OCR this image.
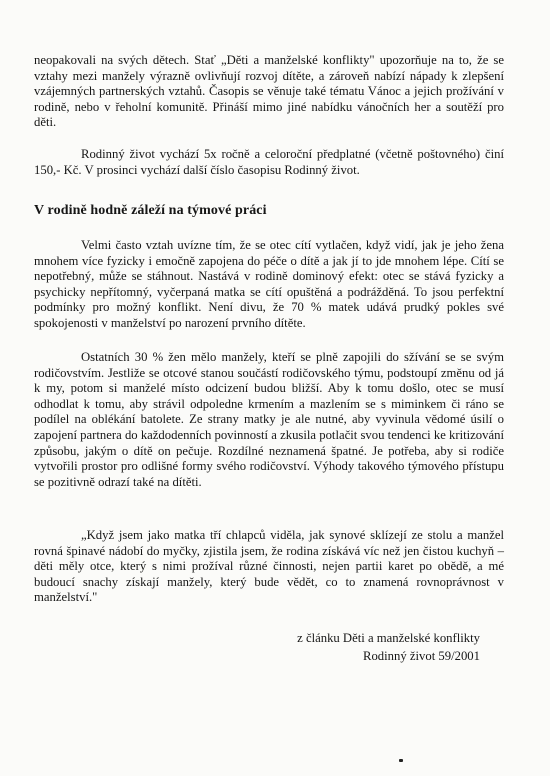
neopakovali na svých dětech. Stať „Děti a manželské konflikty" upozorňuje na to, že se vztahy mezi manžely výrazně ovlivňují rozvoj dítěte, a zároveň nabízí nápady k zlepšení vzájemných partnerských vztahů. Časopis se věnuje také tématu Vánoc a jejich prožívání v rodině, nebo v řeholní komunitě. Přináší mimo jiné nabídku vánočních her a soutěží pro děti.

Rodinný život vychází 5x ročně a celoroční předplatné (včetně poštovného) činí 150,- Kč. V prosinci vychází další číslo časopisu Rodinný život.

V rodině hodně záleží na týmové práci

Velmi často vztah uvízne tím, že se otec cítí vytlačen, když vidí, jak je jeho žena mnohem více fyzicky i emočně zapojena do péče o dítě a jak jí to jde mnohem lépe. Cítí se nepotřebný, může se stáhnout. Nastává v rodině dominový efekt: otec se stává fyzicky a psychicky nepřítomný, vyčerpaná matka se cítí opuštěná a podrážděná. To jsou perfektní podmínky pro možný konflikt. Není divu, že 70 % matek udává prudký pokles své spokojenosti v manželství po narození prvního dítěte.

Ostatních 30 % žen mělo manžely, kteří se plně zapojili do sžívání se se svým rodičovstvím. Jestliže se otcové stanou součástí rodičovského týmu, podstoupí změnu od já k my, potom si manželé místo odcizení budou bližší. Aby k tomu došlo, otec se musí odhodlat k tomu, aby strávil odpoledne krmením a mazlením se s miminkem či ráno se podílel na oblékání batolete. Ze strany matky je ale nutné, aby vyvinula vědomé úsilí o zapojení partnera do každodenních povinností a zkusila potlačit svou tendenci ke kritizování způsobu, jakým o dítě on pečuje. Rozdílné neznamená špatné. Je potřeba, aby si rodiče vytvořili prostor pro odlišné formy svého rodičovství. Výhody takového týmového přístupu se pozitivně odrazí také na dítěti.

„Když jsem jako matka tří chlapců viděla, jak synové sklízejí ze stolu a manžel rovná špinavé nádobí do myčky, zjistila jsem, že rodina získává víc než jen čistou kuchyň – děti měly otce, který s nimi prožíval různé činnosti, nejen partii karet po obědě, a mé budoucí snachy získají manžely, který bude vědět, co to znamená rovnoprávnost v manželství."

z článku Děti a manželské konflikty
Rodinný život 59/2001
